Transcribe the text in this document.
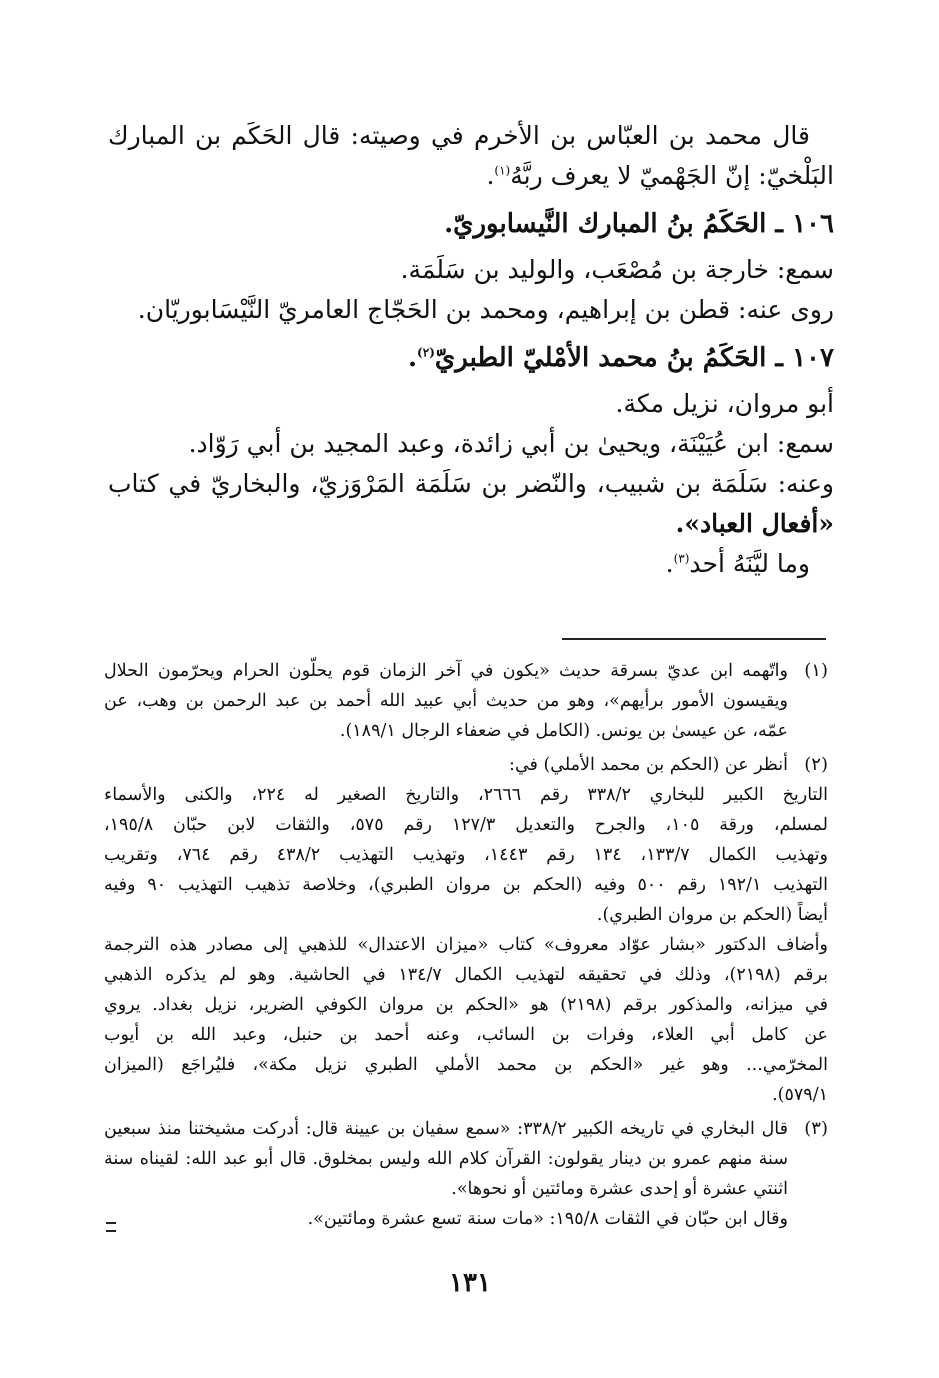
قال محمد بن العبّاس بن الأخرم في وصيته: قال الحَكَم بن المبارك
البَلْخيّ: إنّ الجَهْميّ لا يعرف ربَّهُ$^{(١)}$.
١٠٦ ـ الحَكَمُ بنُ المبارك النَّيسابوريّ.
سمع: خارجة بن مُصْعَب، والوليد بن سَلَمَة.
روى عنه: قطن بن إبراهيم، ومحمد بن الحَجّاج العامريّ النَّيْسَابوريّان.
١٠٧ ـ الحَكَمُ بنُ محمد الأمْليّ الطبريّ$^{(٢)}$.
أبو مروان، نزيل مكة.
سمع: ابن عُيَيْنَة، ويحيىٰ بن أبي زائدة، وعبد المجيد بن أبي رَوّاد.
وعنه: سَلَمَة بن شبيب، والنّضر بن سَلَمَة المَرْوَزيّ، والبخاريّ في كتاب
«أفعال العباد».
وما ليَّنَهُ أحد$^{(٣)}$.
(١)
واتّهمه ابن عديّ بسرقة حديث «يكون في آخر الزمان قوم يحلّون الحرام ويحرّمون الحلال
ويقيسون الأمور برأيهم»، وهو من حديث أبي عبيد الله أحمد بن عبد الرحمن بن وهب، عن
عمّه، عن عيسىٰ بن يونس. (الكامل في ضعفاء الرجال ١٨٩/١).
(٢)
أنظر عن (الحكم بن محمد الأملي) في:
التاريخ الكبير للبخاري ٣٣٨/٢ رقم ٢٦٦٦، والتاريخ الصغير له ٢٢٤، والكنى والأسماء
لمسلم، ورقة ١٠٥، والجرح والتعديل ١٢٧/٣ رقم ٥٧٥، والثقات لابن حبّان ١٩٥/٨،
وتهذيب الكمال ١٣٣/٧، ١٣٤ رقم ١٤٤٣، وتهذيب التهذيب ٤٣٨/٢ رقم ٧٦٤، وتقريب
التهذيب ١٩٢/١ رقم ٥٠٠ وفيه (الحكم بن مروان الطبري)، وخلاصة تذهيب التهذيب ٩٠ وفيه
أيضاً (الحكم بن مروان الطبري).
وأضاف الدكتور «بشار عوّاد معروف» كتاب «ميزان الاعتدال» للذهبي إلى مصادر هذه الترجمة
برقم (٢١٩٨)، وذلك في تحقيقه لتهذيب الكمال ١٣٤/٧ في الحاشية. وهو لم يذكره الذهبي
في ميزانه، والمذكور برقم (٢١٩٨) هو «الحكم بن مروان الكوفي الضرير، نزيل بغداد. يروي
عن كامل أبي العلاء، وفرات بن السائب، وعنه أحمد بن حنبل، وعبد الله بن أيوب
المخرّمي... وهو غير «الحكم بن محمد الأملي الطبري نزيل مكة»، فليُراجَع (الميزان
٥٧٩/١).
(٣)
قال البخاري في تاريخه الكبير ٣٣٨/٢: «سمع سفيان بن عيينة قال: أدركت مشيختنا منذ سبعين
سنة منهم عمرو بن دينار يقولون: القرآن كلام الله وليس بمخلوق. قال أبو عبد الله: لقيناه سنة
اثنتي عشرة أو إحدى عشرة ومائتين أو نحوها».
وقال ابن حبّان في الثقات ١٩٥/٨: «مات سنة تسع عشرة ومائتين».
١٣١
